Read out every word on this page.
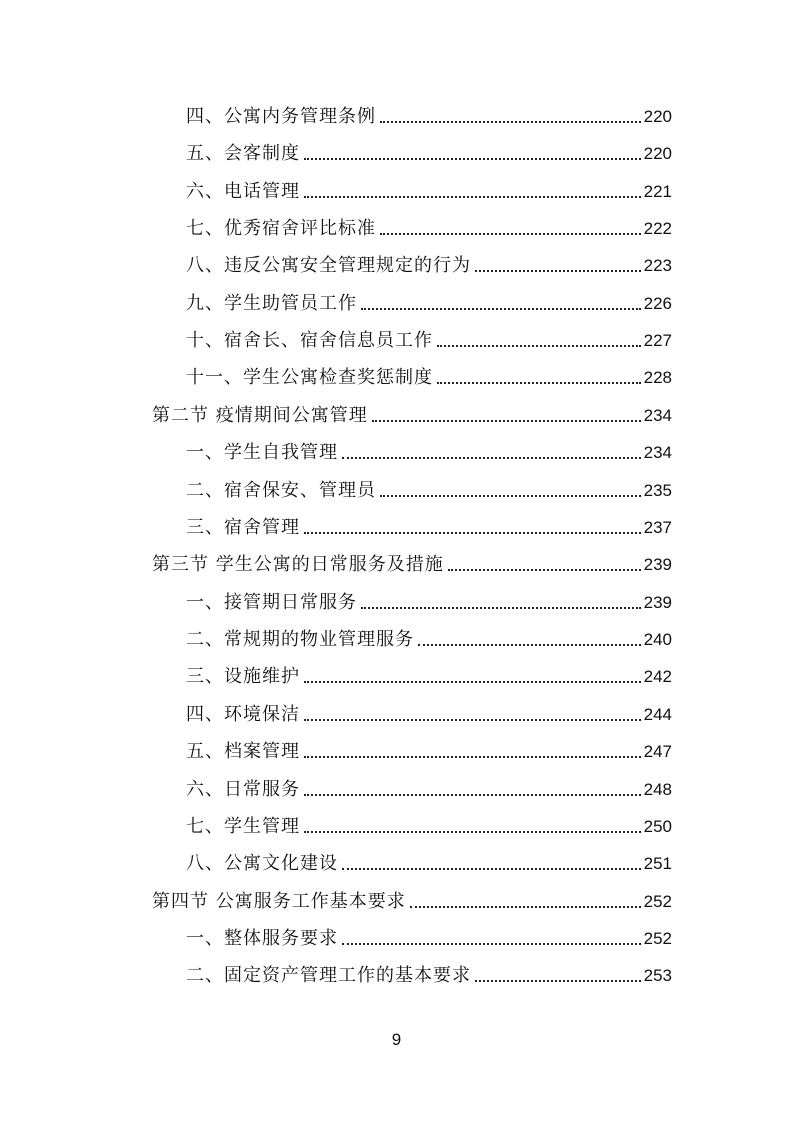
四、公寓内务管理条例	220
五、会客制度	220
六、电话管理	221
七、优秀宿舍评比标准	222
八、违反公寓安全管理规定的行为	223
九、学生助管员工作	226
十、宿舍长、宿舍信息员工作	227
十一、学生公寓检查奖惩制度	228
第二节 疫情期间公寓管理	234
一、学生自我管理	234
二、宿舍保安、管理员	235
三、宿舍管理	237
第三节 学生公寓的日常服务及措施	239
一、接管期日常服务	239
二、常规期的物业管理服务	240
三、设施维护	242
四、环境保洁	244
五、档案管理	247
六、日常服务	248
七、学生管理	250
八、公寓文化建设	251
第四节 公寓服务工作基本要求	252
一、整体服务要求	252
二、固定资产管理工作的基本要求	253
9
